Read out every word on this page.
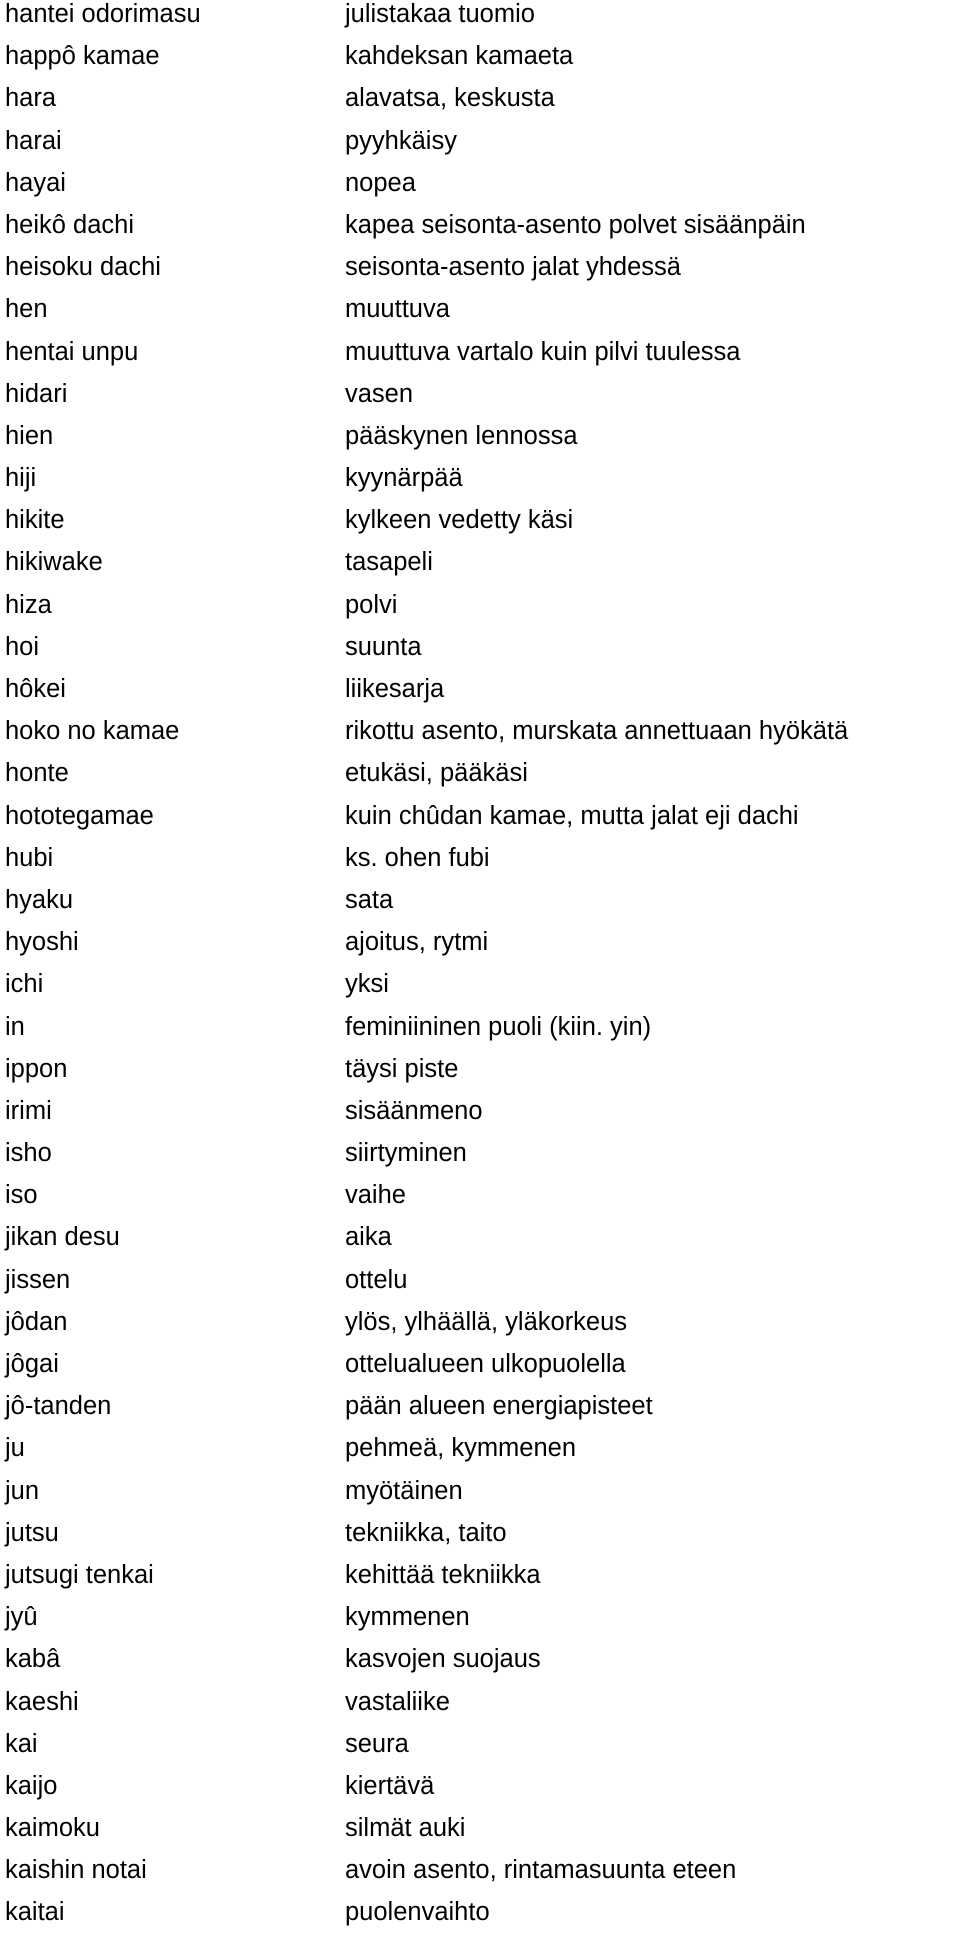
hantei odorimasu	julistakaa tuomio
happô kamae	kahdeksan kamaeta
hara	alavatsa, keskusta
harai	pyyhkäisy
hayai	nopea
heikô dachi	kapea seisonta-asento polvet sisäänpäin
heisoku dachi	seisonta-asento jalat yhdessä
hen	muuttuva
hentai unpu	muuttuva vartalo kuin pilvi tuulessa
hidari	vasen
hien	pääskynen lennossa
hiji	kyynärpää
hikite	kylkeen vedetty käsi
hikiwake	tasapeli
hiza	polvi
hoi	suunta
hôkei	liikesarja
hoko no kamae	rikottu asento, murskata annettuaan hyökätä
honte	etukäsi, pääkäsi
hototegamae	kuin chûdan kamae, mutta jalat eji dachi
hubi	ks. ohen fubi
hyaku	sata
hyoshi	ajoitus, rytmi
ichi	yksi
in	feminiininen puoli (kiin. yin)
ippon	täysi piste
irimi	sisäänmeno
isho	siirtyminen
iso	vaihe
jikan desu	aika
jissen	ottelu
jôdan	ylös, ylhäällä, yläkorkeus
jôgai	ottelualueen ulkopuolella
jô-tanden	pään alueen energiapisteet
ju	pehmeä, kymmenen
jun	myötäinen
jutsu	tekniikka, taito
jutsugi tenkai	kehittää tekniikka
jyû	kymmenen
kabâ	kasvojen suojaus
kaeshi	vastaliike
kai	seura
kaijo	kiertävä
kaimoku	silmät auki
kaishin notai	avoin asento, rintamasuunta eteen
kaitai	puolenvaihto
